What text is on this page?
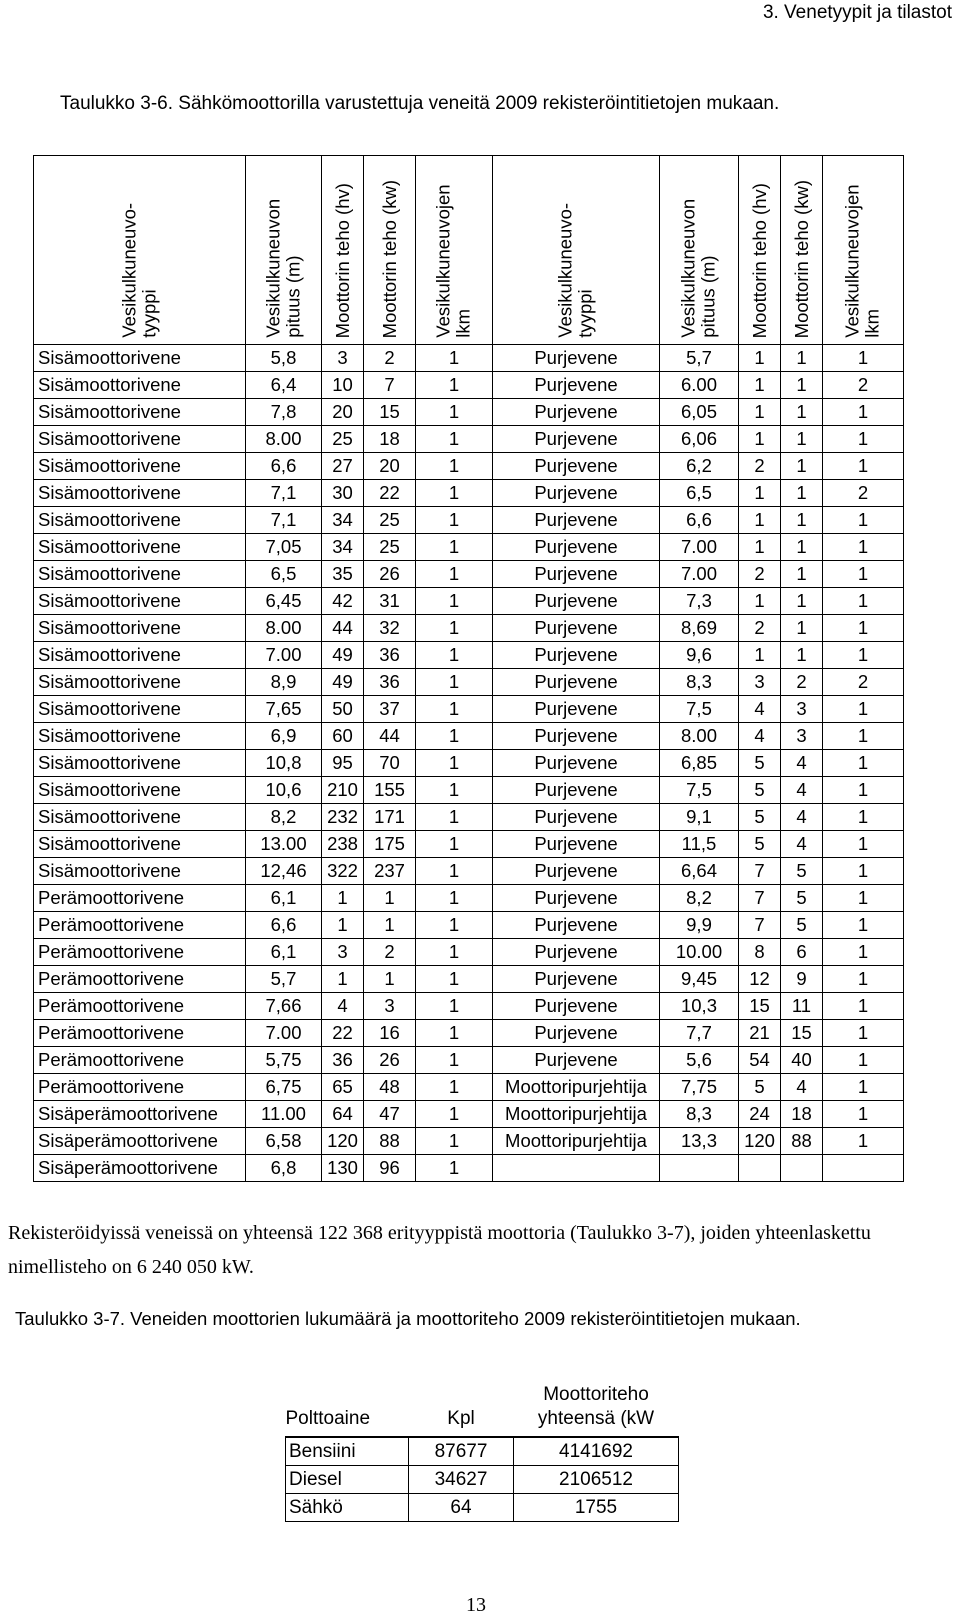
3. Venetyypit ja tilastot
Taulukko 3-6. Sähkömoottorilla varustettuja veneitä 2009 rekisteröintitietojen mukaan.
Vesikulkuneuvo-tyyppi	Vesikulkuneuvon pituus (m)	Moottorin teho (hv)	Moottorin teho (kw)	Vesikulkuneuvojen lkm	Vesikulkuneuvo-tyyppi	Vesikulkuneuvon pituus (m)	Moottorin teho (hv)	Moottorin teho (kw)	Vesikulkuneuvojen lkm

Sisämoottorivene	5,8	3	2	1	Purjevene	5,7	1	1	1
Sisämoottorivene	6,4	10	7	1	Purjevene	6.00	1	1	2
Sisämoottorivene	7,8	20	15	1	Purjevene	6,05	1	1	1
Sisämoottorivene	8.00	25	18	1	Purjevene	6,06	1	1	1
Sisämoottorivene	6,6	27	20	1	Purjevene	6,2	2	1	1
Sisämoottorivene	7,1	30	22	1	Purjevene	6,5	1	1	2
Sisämoottorivene	7,1	34	25	1	Purjevene	6,6	1	1	1
Sisämoottorivene	7,05	34	25	1	Purjevene	7.00	1	1	1
Sisämoottorivene	6,5	35	26	1	Purjevene	7.00	2	1	1
Sisämoottorivene	6,45	42	31	1	Purjevene	7,3	1	1	1
Sisämoottorivene	8.00	44	32	1	Purjevene	8,69	2	1	1
Sisämoottorivene	7.00	49	36	1	Purjevene	9,6	1	1	1
Sisämoottorivene	8,9	49	36	1	Purjevene	8,3	3	2	2
Sisämoottorivene	7,65	50	37	1	Purjevene	7,5	4	3	1
Sisämoottorivene	6,9	60	44	1	Purjevene	8.00	4	3	1
Sisämoottorivene	10,8	95	70	1	Purjevene	6,85	5	4	1
Sisämoottorivene	10,6	210	155	1	Purjevene	7,5	5	4	1
Sisämoottorivene	8,2	232	171	1	Purjevene	9,1	5	4	1
Sisämoottorivene	13.00	238	175	1	Purjevene	11,5	5	4	1
Sisämoottorivene	12,46	322	237	1	Purjevene	6,64	7	5	1
Perämoottorivene	6,1	1	1	1	Purjevene	8,2	7	5	1
Perämoottorivene	6,6	1	1	1	Purjevene	9,9	7	5	1
Perämoottorivene	6,1	3	2	1	Purjevene	10.00	8	6	1
Perämoottorivene	5,7	1	1	1	Purjevene	9,45	12	9	1
Perämoottorivene	7,66	4	3	1	Purjevene	10,3	15	11	1
Perämoottorivene	7.00	22	16	1	Purjevene	7,7	21	15	1
Perämoottorivene	5,75	36	26	1	Purjevene	5,6	54	40	1
Perämoottorivene	6,75	65	48	1	Moottoripurjehtija	7,75	5	4	1
Sisäperämoottorivene	11.00	64	47	1	Moottoripurjehtija	8,3	24	18	1
Sisäperämoottorivene	6,58	120	88	1	Moottoripurjehtija	13,3	120	88	1
Sisäperämoottorivene	6,8	130	96	1					
Rekisteröidyissä veneissä on yhteensä 122 368 erityyppistä moottoria (Taulukko 3-7), joiden yhteenlaskettu nimellisteho on 6 240 050 kW.
Taulukko 3-7. Veneiden moottorien lukumäärä ja moottoriteho 2009 rekisteröintitietojen mukaan.
Polttoaine	Kpl	Moottoriteho yhteensä (kW
Bensiini	87677	4141692
Diesel	34627	2106512
Sähkö	64	1755
13
